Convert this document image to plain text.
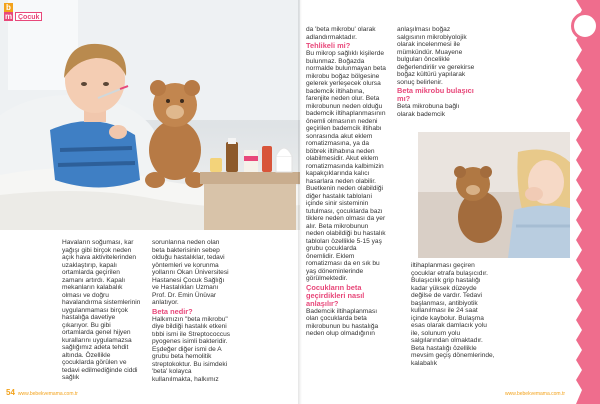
b
m Çocuk

Havaların soğuması, kar yağışı gibi birçok neden açık hava aktivitelerinden uzaklaştırıp, kapalı ortamlarda geçirilen zamanı artırdı. Kapalı mekanların kalabalık olması ve doğru havalandırma sistemlerinin uygulanmaması birçok hastalığa davetiye çıkarıyor. Bu gibi ortamlarda genel hijyen kurallarını uygulamazsa sağlığımız adeta tehdit altında. Özellikle çocuklarda görülen ve tedavi edilmediğinde ciddi sağlık

sorunlarına neden olan beta bakterisinin sebep olduğu hastalıklar, tedavi yöntemleri ve korunma yollarını Okan Üniversitesi Hastanesi Çocuk Sağlığı ve Hastalıkları Uzmanı Prof. Dr. Emin Ünüvar anlatıyor.

Beta nedir?

Halkımızın "beta mikrobu" diye bildiği hastalık etkeni tıbbi ismi ile Streptococcus pyogenes isimli bakteridir. Eşdeğer diğer ismi de A grubu beta hemolitik streptokoktur. Bu isimdeki 'beta' kolayca kullanılmakta, halkımız

54 www.bebekvemama.com.tr

da 'beta mikrobu' olarak adlandırmaktadır.

Tehlikeli mi?

Bu mikrop sağlıklı kişilerde bulunmaz. Boğazda normalde bulunmayan beta mikrobu boğaz bölgesine gelerek yerleşecek olursa bademcik iltihabına, farenjite neden olur. Beta mikrobunun neden olduğu bademcik iltihaplanmasının önemli olmasının nedeni geçirilen bademcik iltihabı sonrasında akut eklem romatizmasına, ya da böbrek iltihabına neden olabilmesidir. Akut eklem romatizmasında kalbimizin kapakçıklarında kalıcı hasarlara neden olabilir. Buetkenin neden olabildiği diğer hastalık tablolarıi içinde sinir sisteminin tutulması, çocuklarda bazı tiklere neden olması da yer alır. Beta mikrobunun neden olabildiği bu hastalık tabloları özellikle 5-15 yaş grubu çocuklarda önemlidir. Eklem romatizması da en sık bu yaş döneminlerinde görülmektedir.

Çocukların beta geçirdikleri nasıl anlaşılır?

Bademcik iltihaplanması olan çocuklarda beta mikrobunun bu hastalığa neden olup olmadığının

anlaşılması boğaz salgısının mikrobiyolojik olarak incelenmesi ile mümkündür. Muayene bulguları öncelikle değerlendirilir ve gerekirse boğaz kültürü yapılarak sonuç belirlenir.

Beta mikrobu bulaşıcı mı?

Beta mikrobuna bağlı olarak bademcik

iltihaplanması geçiren çocuklar etrafa bulaşıcıdır. Bulaşıcılık grip hastalığı kadar yüksek düzeyde değilse de vardır. Tedavi başlanması, antibiyotik kullanılması ile 24 saat içinde kaybolur. Bulaşma esas olarak damlacık yolu ile, solunum yolu salgılarından olmaktadır. Beta hastalığı özellikle mevsim geçiş dönemlerinde, kalabalık

www.bebekvemama.com.tr
